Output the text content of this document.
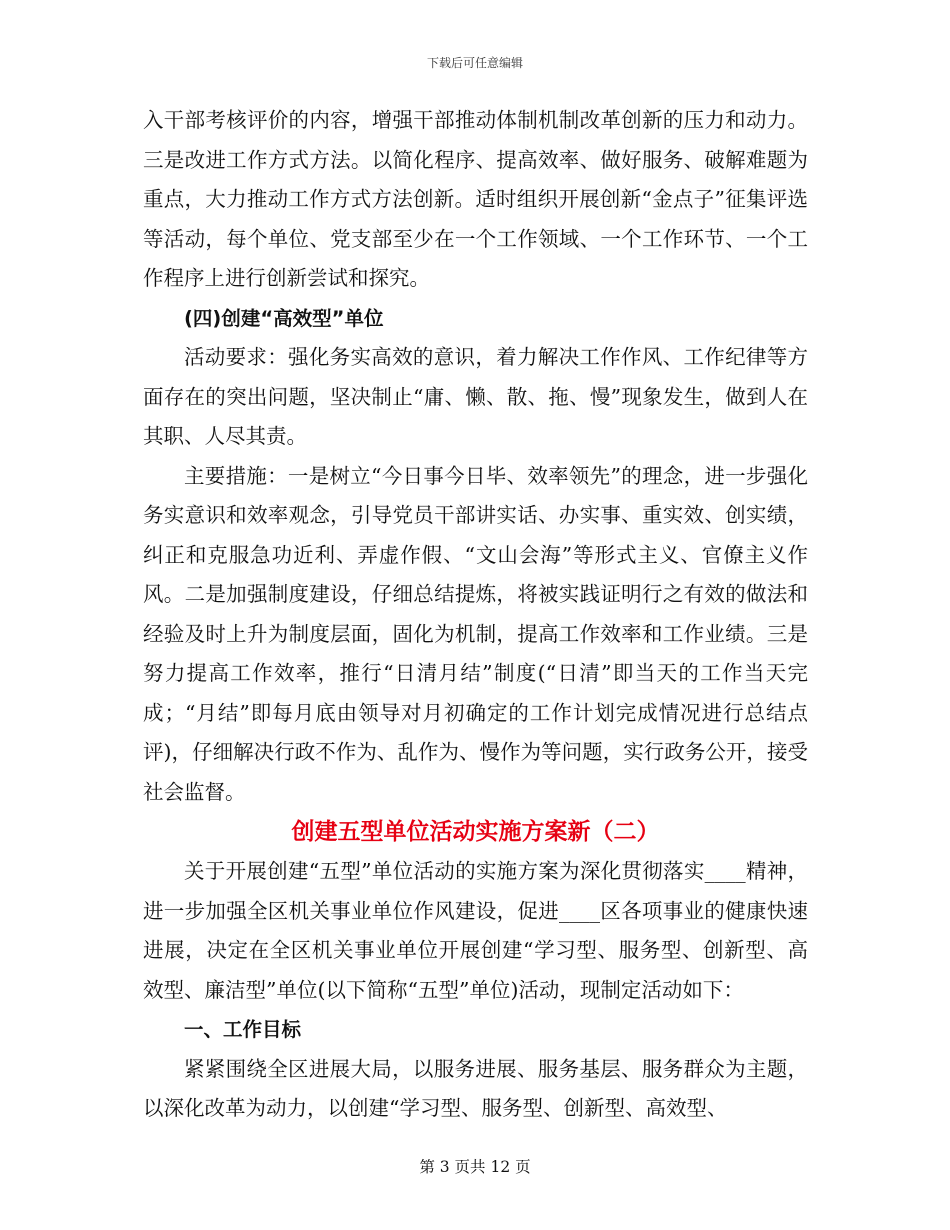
下载后可任意编辑

入干部考核评价的内容，增强干部推动体制机制改革创新的压力和动力。三是改进工作方式方法。以简化程序、提高效率、做好服务、破解难题为重点，大力推动工作方式方法创新。适时组织开展创新“金点子”征集评选等活动，每个单位、党支部至少在一个工作领域、一个工作环节、一个工作程序上进行创新尝试和探究。

(四)创建“高效型”单位

活动要求：强化务实高效的意识，着力解决工作作风、工作纪律等方面存在的突出问题，坚决制止“庸、懒、散、拖、慢”现象发生，做到人在其职、人尽其责。

主要措施：一是树立“今日事今日毕、效率领先”的理念，进一步强化务实意识和效率观念，引导党员干部讲实话、办实事、重实效、创实绩，纠正和克服急功近利、弄虚作假、“文山会海”等形式主义、官僚主义作风。二是加强制度建设，仔细总结提炼，将被实践证明行之有效的做法和经验及时上升为制度层面，固化为机制，提高工作效率和工作业绩。三是努力提高工作效率，推行“日清月结”制度(“日清”即当天的工作当天完成；“月结”即每月底由领导对月初确定的工作计划完成情况进行总结点评)，仔细解决行政不作为、乱作为、慢作为等问题，实行政务公开，接受社会监督。

创建五型单位活动实施方案新（二）

关于开展创建“五型”单位活动的实施方案为深化贯彻落实____精神，进一步加强全区机关事业单位作风建设，促进____区各项事业的健康快速进展，决定在全区机关事业单位开展创建“学习型、服务型、创新型、高效型、廉洁型”单位(以下简称“五型”单位)活动，现制定活动如下：

一、工作目标

紧紧围绕全区进展大局，以服务进展、服务基层、服务群众为主题，以深化改革为动力，以创建“学习型、服务型、创新型、高效型、

第 3 页共 12 页
